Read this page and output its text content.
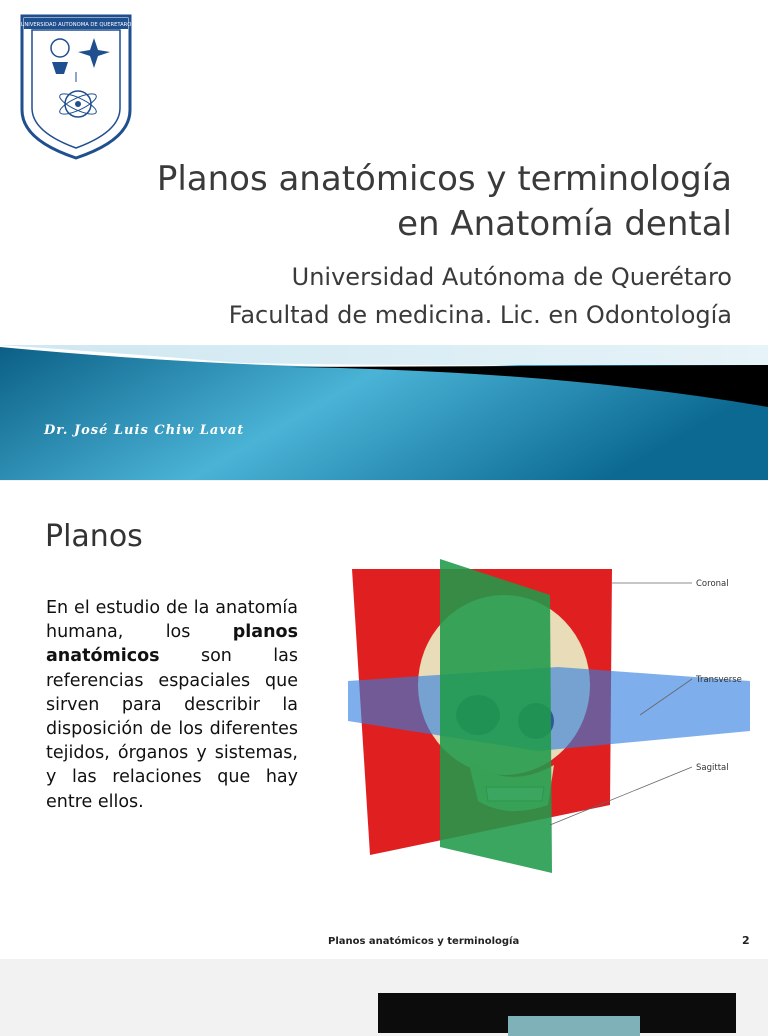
UNIVERSIDAD AUTONOMA DE QUERETARO
Planos anatómicos y terminología
en Anatomía dental
Universidad Autónoma de Querétaro
Facultad de medicina. Lic. en Odontología
Dr. José Luis Chiw Lavat
Planos
En el estudio de la anatomía humana, los planos anatómicos son las referencias espaciales que sirven para describir la disposición de los diferentes tejidos, órganos y sistemas, y las relaciones que hay entre ellos.
Coronal
Transverse
Sagittal
Planos anatómicos y terminología	2
